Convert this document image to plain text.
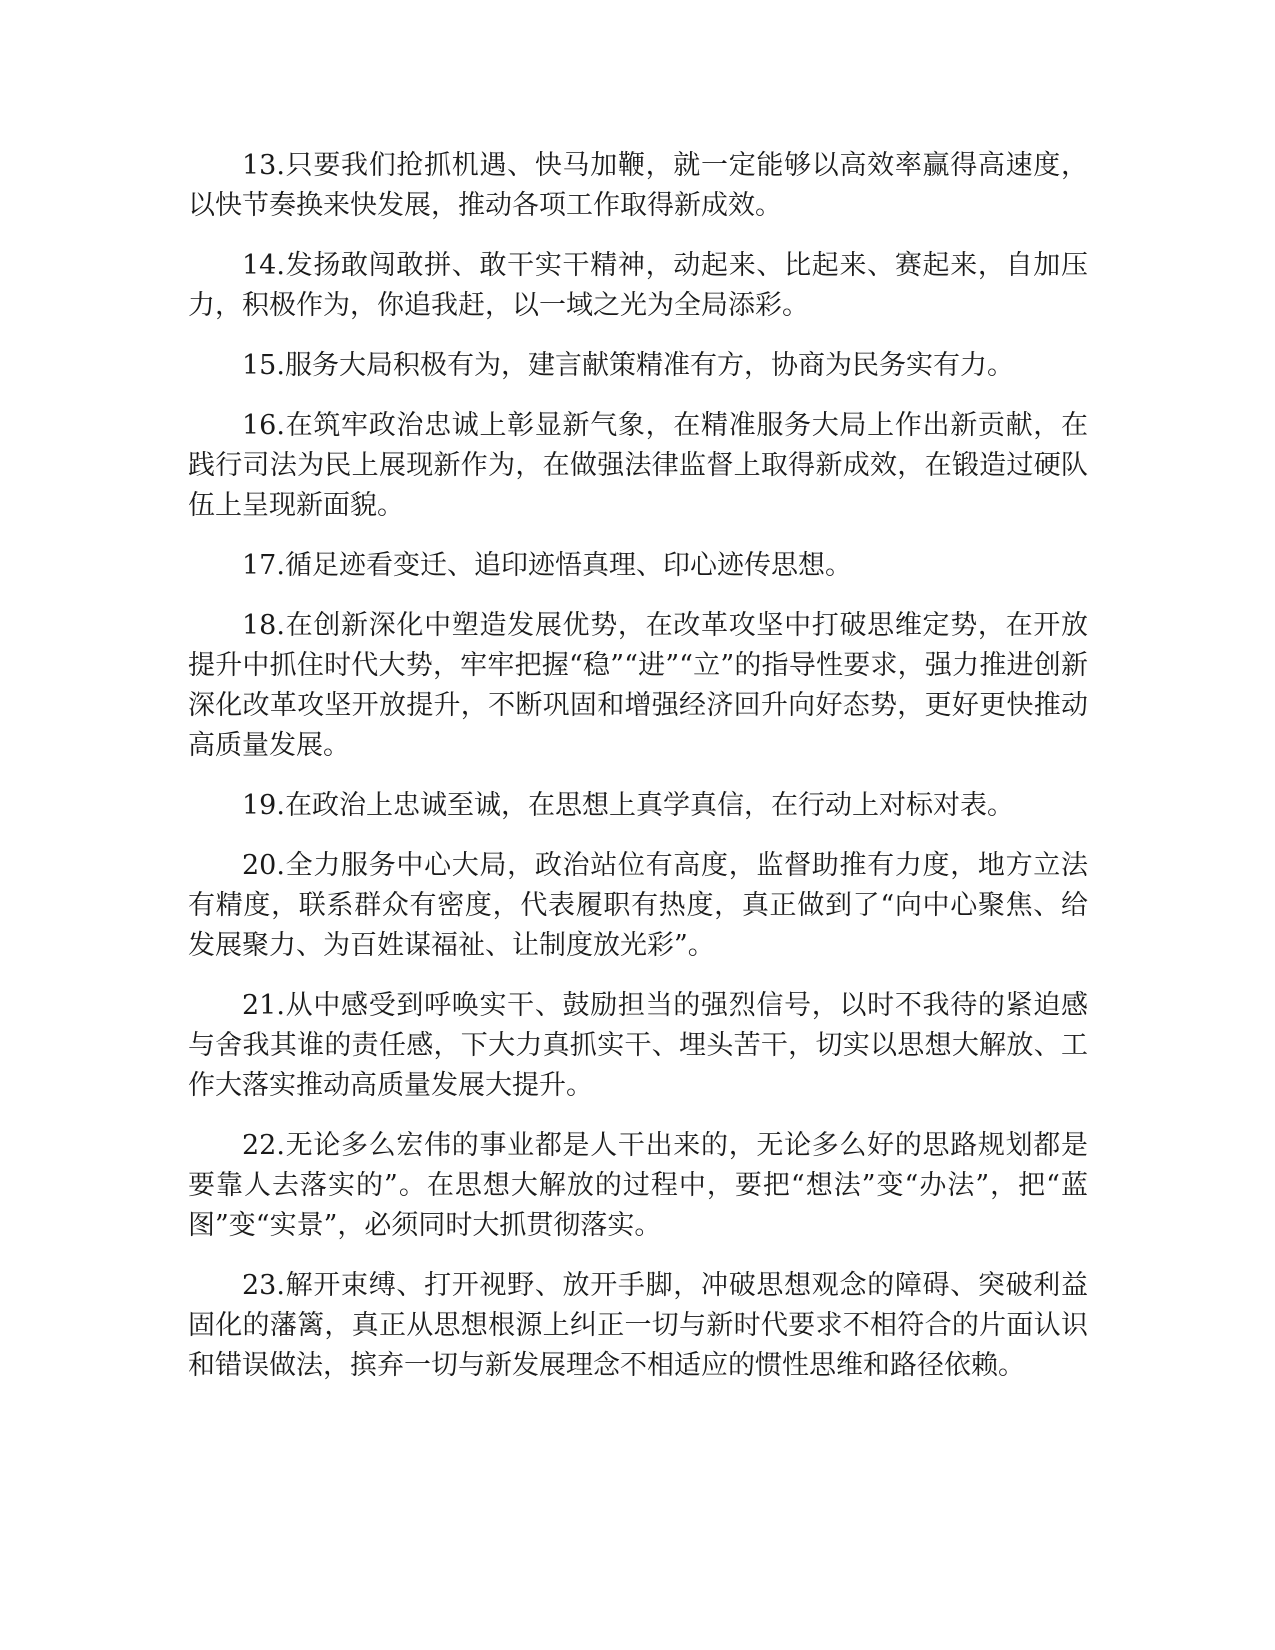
13.只要我们抢抓机遇、快马加鞭，就一定能够以高效率赢得高速度，以快节奏换来快发展，推动各项工作取得新成效。

14.发扬敢闯敢拼、敢干实干精神，动起来、比起来、赛起来，自加压力，积极作为，你追我赶，以一域之光为全局添彩。

15.服务大局积极有为，建言献策精准有方，协商为民务实有力。

16.在筑牢政治忠诚上彰显新气象，在精准服务大局上作出新贡献，在践行司法为民上展现新作为，在做强法律监督上取得新成效，在锻造过硬队伍上呈现新面貌。

17.循足迹看变迁、追印迹悟真理、印心迹传思想。

18.在创新深化中塑造发展优势，在改革攻坚中打破思维定势，在开放提升中抓住时代大势，牢牢把握“稳”“进”“立”的指导性要求，强力推进创新深化改革攻坚开放提升，不断巩固和增强经济回升向好态势，更好更快推动高质量发展。

19.在政治上忠诚至诚，在思想上真学真信，在行动上对标对表。

20.全力服务中心大局，政治站位有高度，监督助推有力度，地方立法有精度，联系群众有密度，代表履职有热度，真正做到了“向中心聚焦、给发展聚力、为百姓谋福祉、让制度放光彩”。

21.从中感受到呼唤实干、鼓励担当的强烈信号，以时不我待的紧迫感与舍我其谁的责任感，下大力真抓实干、埋头苦干，切实以思想大解放、工作大落实推动高质量发展大提升。

22.无论多么宏伟的事业都是人干出来的，无论多么好的思路规划都是要靠人去落实的”。在思想大解放的过程中，要把“想法”变“办法”，把“蓝图”变“实景”，必须同时大抓贯彻落实。

23.解开束缚、打开视野、放开手脚，冲破思想观念的障碍、突破利益固化的藩篱，真正从思想根源上纠正一切与新时代要求不相符合的片面认识和错误做法，摈弃一切与新发展理念不相适应的惯性思维和路径依赖。
